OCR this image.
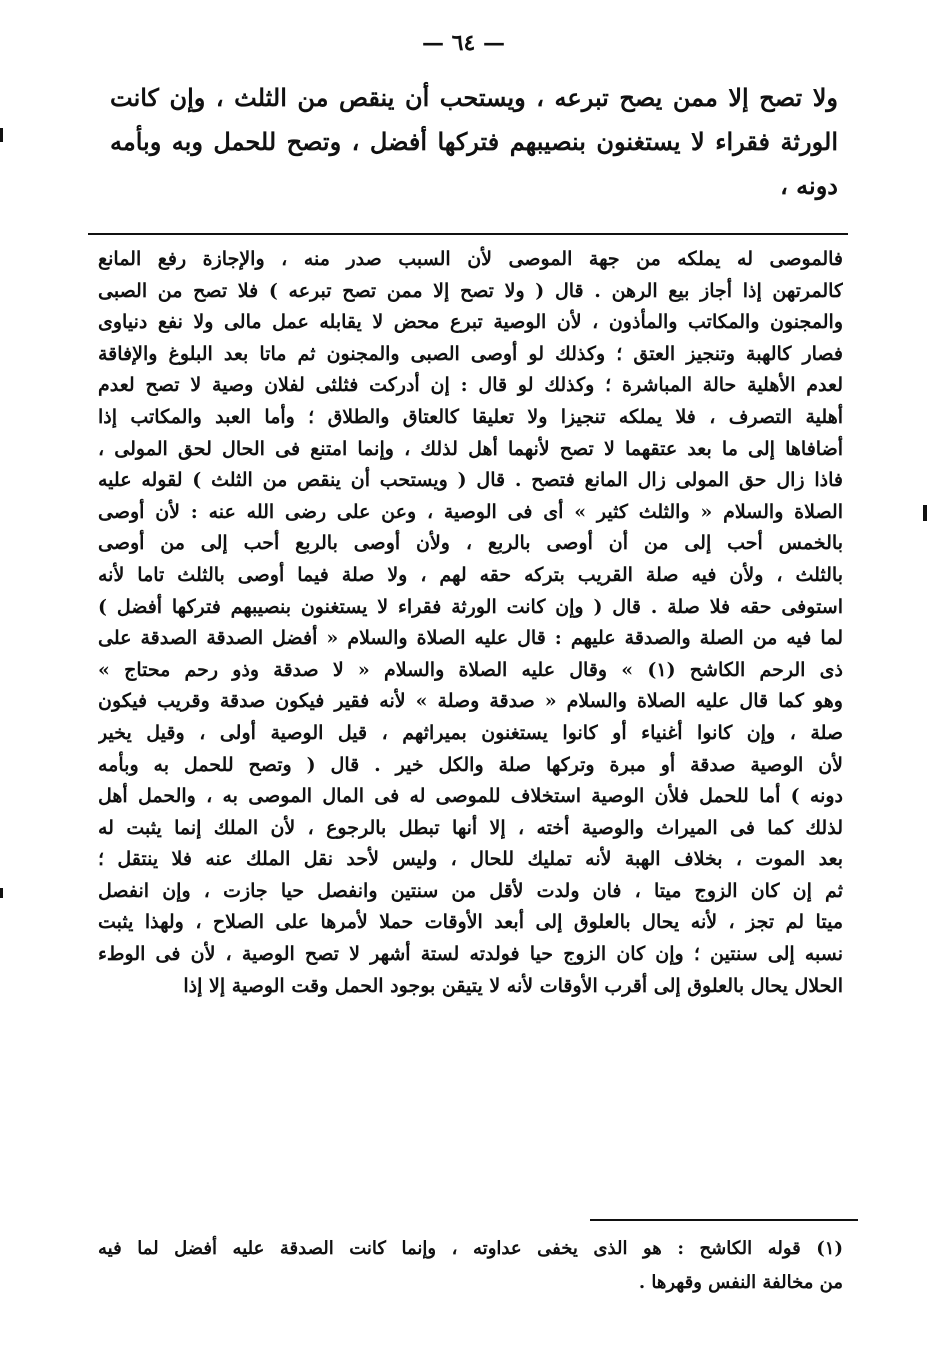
— ٦٤ —
ولا تصح إلا ممن يصح تبرعه ، ويستحب أن ينقص من الثلث ، وإن كانت الورثة فقراء لا يستغنون بنصيبهم فتركها أفضل ، وتصح للحمل وبه وبأمه دونه ،
فالموصى له يملكه من جهة الموصى لأن السبب صدر منه ، والإجازة رفع المانع
كالمرتهن إذا أجاز بيع الرهن . قال ( ولا تصح إلا ممن تصح تبرعه ) فلا تصح من الصبى
والمجنون والمكاتب والمأذون ، لأن الوصية تبرع محض لا يقابله عمل مالى ولا نفع دنياوى
فصار كالهبة وتنجيز العتق ؛ وكذلك لو أوصى الصبى والمجنون ثم ماتا بعد البلوغ والإفاقة
لعدم الأهلية حالة المباشرة ؛ وكذلك لو قال : إن أدركت فثلثى لفلان وصية لا تصح لعدم
أهلية التصرف ، فلا يملكه تنجيزا ولا تعليقا كالعتاق والطلاق ؛ وأما العبد والمكاتب إذا
أضافاها إلى ما بعد عتقهما لا تصح لأنهما أهل لذلك ، وإنما امتنع فى الحال لحق المولى ،
فاذا زال حق المولى زال المانع فتصح . قال ( ويستحب أن ينقص من الثلث ) لقوله عليه
الصلاة والسلام « والثلث كثير » أى فى الوصية ، وعن على رضى الله عنه : لأن أوصى
بالخمس أحب إلى من أن أوصى بالربع ، ولأن أوصى بالربع أحب إلى من أوصى
بالثلث ، ولأن فيه صلة القريب بتركه حقه لهم ، ولا صلة فيما أوصى بالثلث تاما لأنه
استوفى حقه فلا صلة . قال ( وإن كانت الورثة فقراء لا يستغنون بنصيبهم فتركها أفضل )
لما فيه من الصلة والصدقة عليهم : قال عليه الصلاة والسلام « أفضل الصدقة الصدقة على
ذى الرحم الكاشح (١) » وقال عليه الصلاة والسلام « لا صدقة وذو رحم محتاج »
وهو كما قال عليه الصلاة والسلام « صدقة وصلة » لأنه فقير فيكون صدقة وقريب فيكون
صلة ، وإن كانوا أغنياء أو كانوا يستغنون بميراثهم ، قيل الوصية أولى ، وقيل يخير
لأن الوصية صدقة أو مبرة وتركها صلة والكل خير . قال ( وتصح للحمل به وبأمه
دونه ) أما للحمل فلأن الوصية استخلاف للموصى له فى المال الموصى به ، والحمل أهل
لذلك كما فى الميراث والوصية أخته ، إلا أنها تبطل بالرجوع ، لأن الملك إنما يثبت له
بعد الموت ، بخلاف الهبة لأنه تمليك للحال ، وليس لأحد نقل الملك عنه فلا ينتقل ؛
ثم إن كان الزوج ميتا ، فان ولدت لأقل من سنتين وانفصل حيا جازت ، وإن انفصل
ميتا لم تجز ، لأنه يحال بالعلوق إلى أبعد الأوقات حملا لأمرها على الصلاح ، ولهذا يثبت
نسبه إلى سنتين ؛ وإن كان الزوج حيا فولدته لستة أشهر لا تصح الوصية ، لأن فى الوطء
الحلال يحال بالعلوق إلى أقرب الأوقات لأنه لا يتيقن بوجود الحمل وقت الوصية إلا إذا
(١) قوله الكاشح : هو الذى يخفى عداوته ، وإنما كانت الصدقة عليه أفضل لما فيه
من مخالفة النفس وقهرها .
